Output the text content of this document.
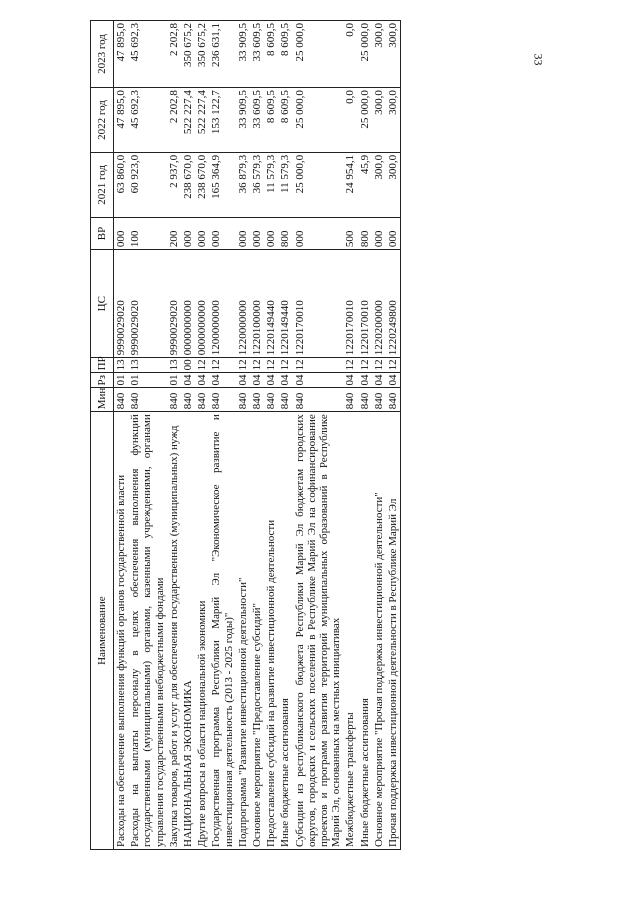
33
Наименование	Мин	Рз	ПР	ЦС	ВР	2021 год	2022 год	2023 год
Расходы на обеспечение выполнения функций органов государственной власти	840	01	13	9990029020	000	63 860,0	47 895,0	47 895,0
Расходы на выплаты персоналу в целях обеспечения выполнения функций государственными (муниципальными) органами, казенными учреждениями, органами управления государственными внебюджетными фондами	840	01	13	9990029020	100	60 923,0	45 692,3	45 692,3
Закупка товаров, работ и услуг для обеспечения государственных (муниципальных) нужд	840	01	13	9990029020	200	2 937,0	2 202,8	2 202,8
НАЦИОНАЛЬНАЯ ЭКОНОМИКА	840	04	00	0000000000	000	238 670,0	522 227,4	350 675,2
Другие вопросы в области национальной экономики	840	04	12	0000000000	000	238 670,0	522 227,4	350 675,2
Государственная программа Республики Марий Эл "Экономическое развитие и инвестиционная деятельность (2013 - 2025 годы)"	840	04	12	1200000000	000	165 364,9	153 122,7	236 631,1
Подпрограмма "Развитие инвестиционной деятельности"	840	04	12	1220000000	000	36 879,3	33 909,5	33 909,5
Основное мероприятие "Предоставление субсидий"	840	04	12	1220100000	000	36 579,3	33 609,5	33 609,5
Предоставление субсидий на развитие инвестиционной деятельности	840	04	12	1220149440	000	11 579,3	8 609,5	8 609,5
Иные бюджетные ассигнования	840	04	12	1220149440	800	11 579,3	8 609,5	8 609,5
Субсидии из республиканского бюджета Республики Марий Эл бюджетам городских округов, городских и сельских поселений в Республике Марий Эл на софинансирование проектов и программ развития территорий муниципальных образований в Республике Марий Эл, основанных на местных инициативах	840	04	12	1220170010	000	25 000,0	25 000,0	25 000,0
Межбюджетные трансферты	840	04	12	1220170010	500	24 954,1	0,0	0,0
Иные бюджетные ассигнования	840	04	12	1220170010	800	45,9	25 000,0	25 000,0
Основное мероприятие "Прочая поддержка инвестиционной деятельности"	840	04	12	1220200000	000	300,0	300,0	300,0
Прочая поддержка инвестиционной деятельности в Республике Марий Эл	840	04	12	1220249800	000	300,0	300,0	300,0
